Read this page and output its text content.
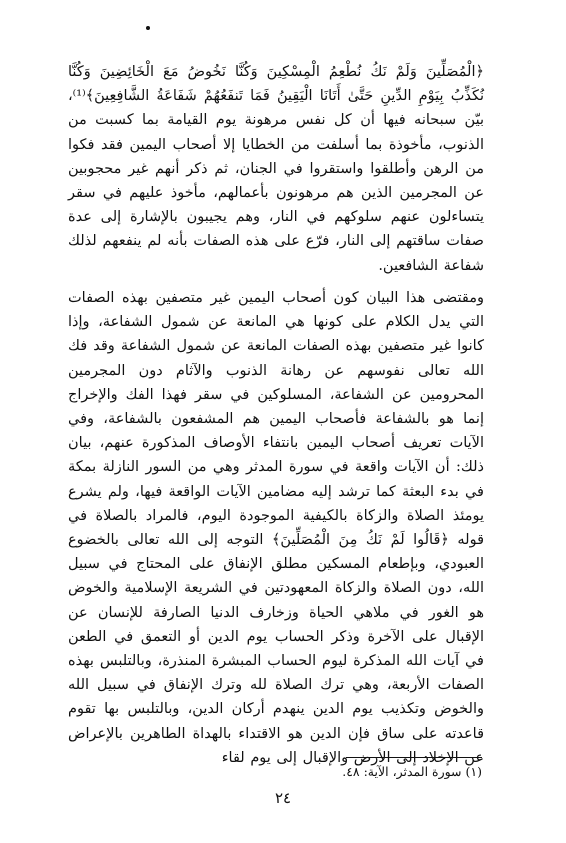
﴿الْمُصَلِّينَ وَلَمْ نَكُ نُطْعِمُ الْمِسْكِينَ وَكُنَّا نَخُوضُ مَعَ الْخَائِضِينَ وَكُنَّا نُكَذِّبُ بِيَوْمِ الدِّينِ حَتَّىٰ أَتَانَا الْيَقِينُ فَمَا تَنفَعُهُمْ شَفَاعَةُ الشَّافِعِينَ﴾⁽¹⁾، بيّن سبحانه فيها أن كل نفس مرهونة يوم القيامة بما كسبت من الذنوب، مأخوذة بما أسلفت من الخطايا إلا أصحاب اليمين فقد فكوا من الرهن وأطلقوا واستقروا في الجنان، ثم ذكر أنهم غير محجوبين عن المجرمين الذين هم مرهونون بأعمالهم، مأخوذ عليهم في سقر يتساءلون عنهم سلوكهم في النار، وهم يجيبون بالإشارة إلى عدة صفات ساقتهم إلى النار، فرّع على هذه الصفات بأنه لم ينفعهم لذلك شفاعة الشافعين.

ومقتضى هذا البيان كون أصحاب اليمين غير متصفين بهذه الصفات التي يدل الكلام على كونها هي المانعة عن شمول الشفاعة، وإذا كانوا غير متصفين بهذه الصفات المانعة عن شمول الشفاعة وقد فك الله تعالى نفوسهم عن رهانة الذنوب والآثام دون المجرمين المحرومين عن الشفاعة، المسلوكين في سقر فهذا الفك والإخراج إنما هو بالشفاعة فأصحاب اليمين هم المشفعون بالشفاعة، وفي الآيات تعريف أصحاب اليمين بانتفاء الأوصاف المذكورة عنهم، بيان ذلك: أن الآيات واقعة في سورة المدثر وهي من السور النازلة بمكة في بدء البعثة كما ترشد إليه مضامين الآيات الواقعة فيها، ولم يشرع يومئذ الصلاة والزكاة بالكيفية الموجودة اليوم، فالمراد بالصلاة في قوله ﴿قَالُوا لَمْ نَكُ مِنَ الْمُصَلِّينَ﴾ التوجه إلى الله تعالى بالخضوع العبودي، وبإطعام المسكين مطلق الإنفاق على المحتاج في سبيل الله، دون الصلاة والزكاة المعهودتين في الشريعة الإسلامية والخوض هو الغور في ملاهي الحياة وزخارف الدنيا الصارفة للإنسان عن الإقبال على الآخرة وذكر الحساب يوم الدين أو التعمق في الطعن في آيات الله المذكرة ليوم الحساب المبشرة المنذرة، وبالتلبس بهذه الصفات الأربعة، وهي ترك الصلاة لله وترك الإنفاق في سبيل الله والخوض وتكذيب يوم الدين ينهدم أركان الدين، وبالتلبس بها تقوم قاعدته على ساق فإن الدين هو الاقتداء بالهداة الطاهرين بالإعراض عن الإخلاد إلى الأرض والإقبال إلى يوم لقاء

(١) سورة المدثر، الآية: ٤٨.
٢٤
